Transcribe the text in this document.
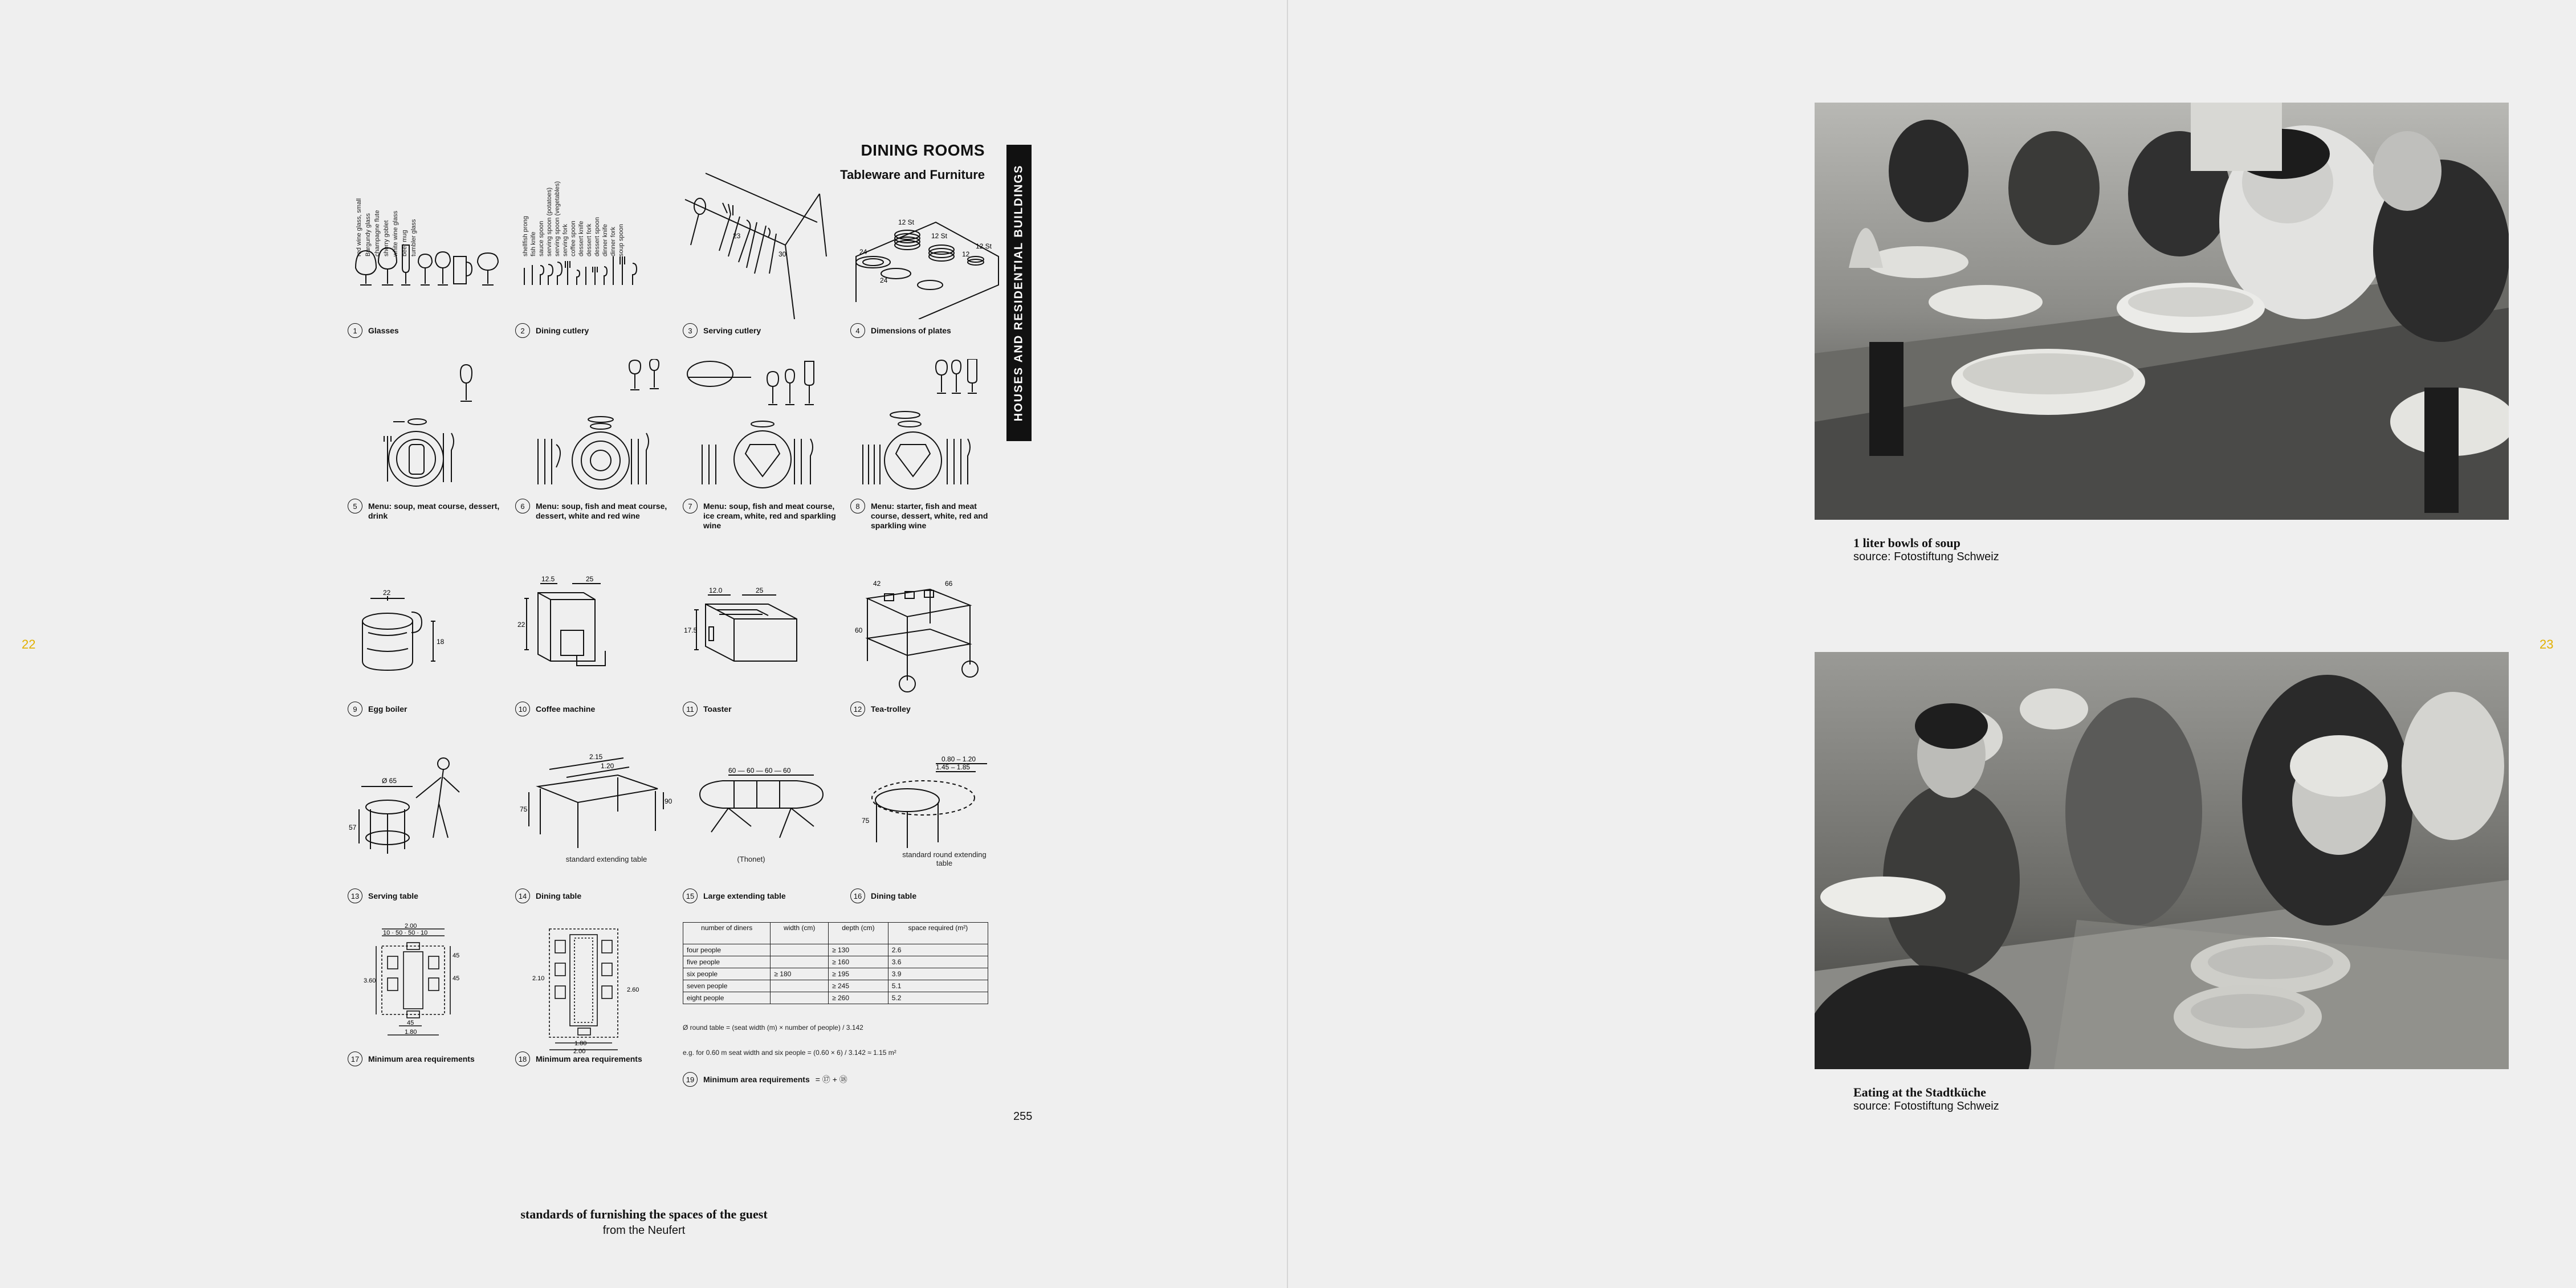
22	23
DINING ROOMS
Tableware and Furniture HOUSES AND RESIDENTIAL BUILDINGS
red wine glass, small Burgundy glass champagne flute sherry goblet white wine glass beer mug tumbler glass
1	Glasses
shellfish prong fish knife sauce spoon serving spoon (potatoes) serving spoon (vegetables) serving fork coffee spoon dessert knife dessert fork dessert spoon dinner knife dinner fork soup spoon
2	Dining cutlery
30
23
3	Serving cutlery
12 St
12 St
12 St
24
24
12
4	Dimensions of plates
5	Menu: soup, meat course, dessert, drink
6	Menu: soup, fish and meat course, dessert, white and red wine
7	Menu: soup, fish and meat course, ice cream, white, red and sparkling wine
8	Menu: starter, fish and meat course, dessert, white, red and sparkling wine
22
18
9	Egg boiler
12.5	25
22
10	Coffee machine
12.0	25
17.5
11	Toaster
42	66
60
12	Tea-trolley
Ø 65
57
13	Serving table
2.15
1.20
75
90
standard extending table
14	Dining table
60 — 60 — 60 — 60
(Thonet)
15	Large extending table
0.80 – 1.20
1.45 – 1.85
75
standard round extending table
16	Dining table
2.00
10 · 50 · 50 · 10
45
1.80
45
45
3.60
17	Minimum area requirements
1.80
2.00
2.10
2.60
18	Minimum area requirements
number of diners	width (cm)	depth (cm)	space required (m²)
four people		≥ 130	2.6
five people		≥ 160	3.6
six people	≥ 180	≥ 195	3.9
seven people		≥ 245	5.1
eight people		≥ 260	5.2
Ø round table = (seat width (m) × number of people) / 3.142
e.g. for 0.60 m seat width and six people = (0.60 × 6) / 3.142 ≈ 1.15 m²
19	Minimum area requirements = ⑰ + ⑱
255
standards of furnishing the spaces of the guest
from the Neufert
1 liter bowls of soup
source: Fotostiftung Schweiz
Eating at the Stadtküche
source: Fotostiftung Schweiz
